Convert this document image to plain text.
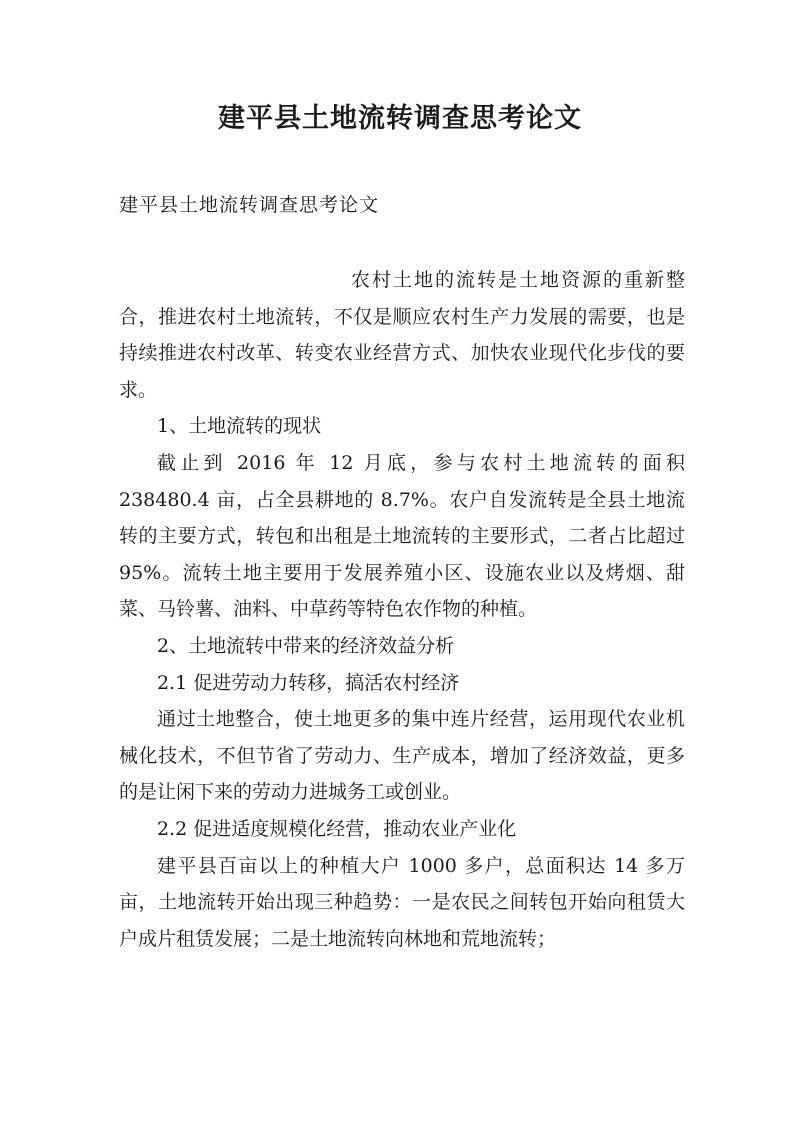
建平县土地流转调查思考论文

建平县土地流转调查思考论文

农村土地的流转是土地资源的重新整合，推进农村土地流转，不仅是顺应农村生产力发展的需要，也是持续推进农村改革、转变农业经营方式、加快农业现代化步伐的要求。

1、土地流转的现状

截止到 2016 年 12 月底，参与农村土地流转的面积 238480.4 亩，占全县耕地的 8.7%。农户自发流转是全县土地流转的主要方式，转包和出租是土地流转的主要形式，二者占比超过 95%。流转土地主要用于发展养殖小区、设施农业以及烤烟、甜菜、马铃薯、油料、中草药等特色农作物的种植。

2、土地流转中带来的经济效益分析

2.1 促进劳动力转移，搞活农村经济

通过土地整合，使土地更多的集中连片经营，运用现代农业机械化技术，不但节省了劳动力、生产成本，增加了经济效益，更多的是让闲下来的劳动力进城务工或创业。

2.2 促进适度规模化经营，推动农业产业化

建平县百亩以上的种植大户 1000 多户，总面积达 14 多万亩，土地流转开始出现三种趋势：一是农民之间转包开始向租赁大户成片租赁发展；二是土地流转向林地和荒地流转；
